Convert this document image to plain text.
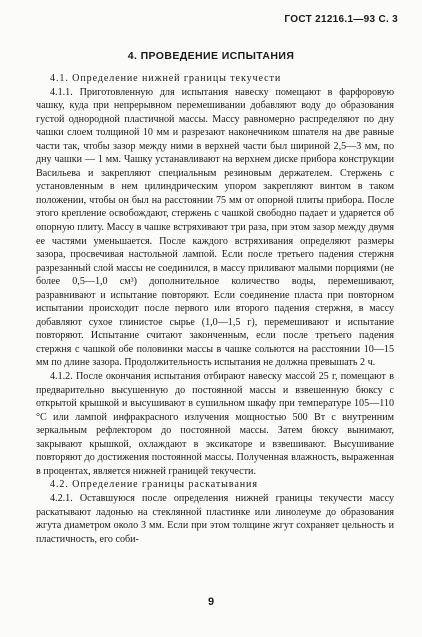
ГОСТ 21216.1—93 С. 3
4. ПРОВЕДЕНИЕ ИСПЫТАНИЯ

4.1. Определение нижней границы текучести

4.1.1. Приготовленную для испытания навеску помещают в фарфоровую чашку, куда при непрерывном перемешивании добавляют воду до образования густой однородной пластичной массы. Массу равномерно распределяют по дну чашки слоем толщиной 10 мм и разрезают наконечником шпателя на две равные части так, чтобы зазор между ними в верхней части был шириной 2,5—3 мм, по дну чашки — 1 мм. Чашку устанавливают на верхнем диске прибора конструкции Васильева и закрепляют специальным резиновым держателем. Стержень с установленным в нем цилиндрическим упором закрепляют винтом в таком положении, чтобы он был на расстоянии 75 мм от опорной плиты прибора. После этого крепление освобождают, стержень с чашкой свободно падает и ударяется об опорную плиту. Массу в чашке встряхивают три раза, при этом зазор между двумя ее частями уменьшается. После каждого встряхивания определяют размеры зазора, просвечивая настольной лампой. Если после третьего падения стержня разрезанный слой массы не соединился, в массу приливают малыми порциями (не более 0,5—1,0 см³) дополнительное количество воды, перемешивают, разравнивают и испытание повторяют. Если соединение пласта при повторном испытании происходит после первого или второго падения стержня, в массу добавляют сухое глинистое сырье (1,0—1,5 г), перемешивают и испытание повторяют. Испытание считают законченным, если после третьего падения стержня с чашкой обе половинки массы в чашке сольются на расстоянии 10—15 мм по длине зазора. Продолжительность испытания не должна превышать 2 ч.

4.1.2. После окончания испытания отбирают навеску массой 25 г, помещают в предварительно высушенную до постоянной массы и взвешенную бюксу с открытой крышкой и высушивают в сушильном шкафу при температуре 105—110 °С или лампой инфракрасного излучения мощностью 500 Вт с внутренним зеркальным рефлектором до постоянной массы. Затем бюксу вынимают, закрывают крышкой, охлаждают в эксикаторе и взвешивают. Высушивание повторяют до достижения постоянной массы. Полученная влажность, выраженная в процентах, является нижней границей текучести.

4.2. Определение границы раскатывания

4.2.1. Оставшуюся после определения нижней границы текучести массу раскатывают ладонью на стеклянной пластинке или линолеуме до образования жгута диаметром около 3 мм. Если при этом толщине жгут сохраняет цельность и пластичность, его соби-

9
